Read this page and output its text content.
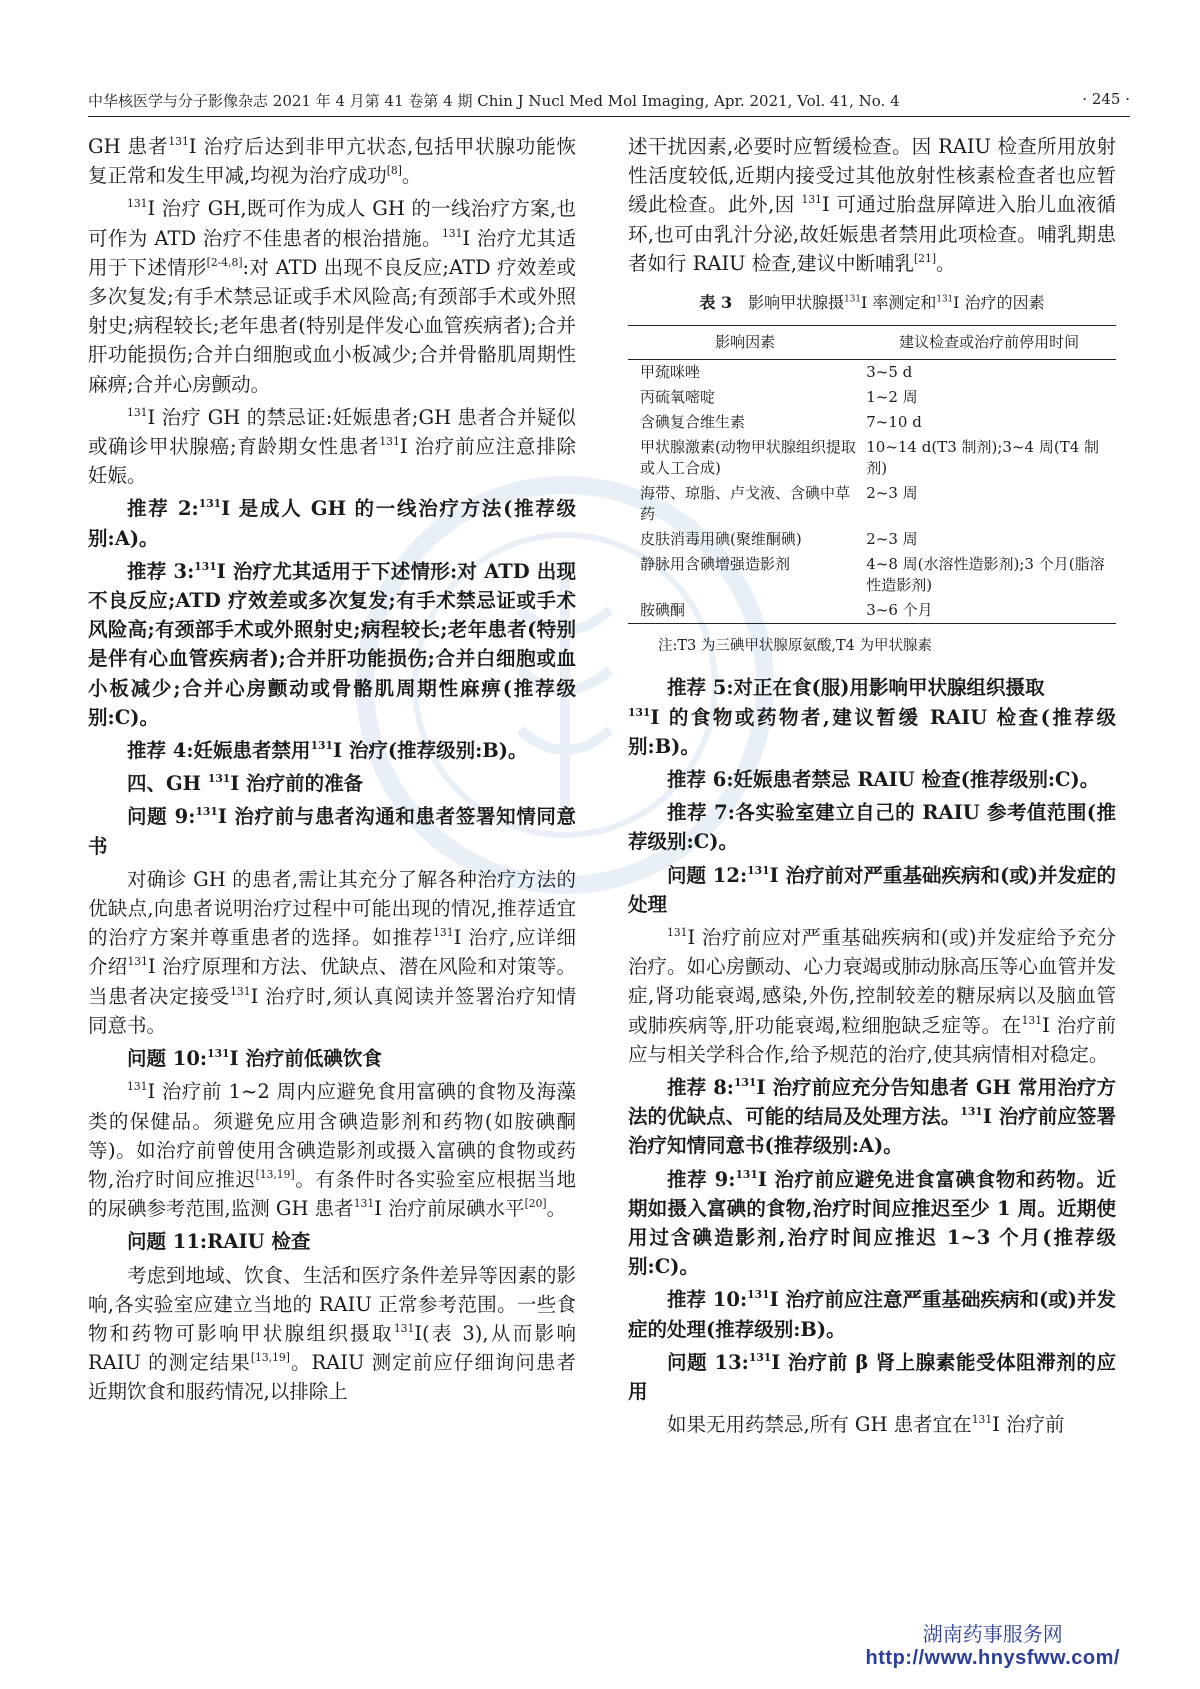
中华核医学与分子影像杂志 2021 年 4 月第 41 卷第 4 期 Chin J Nucl Med Mol Imaging, Apr. 2021, Vol. 41, No. 4	· 245 ·

GH 患者$^{131}$I 治疗后达到非甲亢状态,包括甲状腺功能恢复正常和发生甲减,均视为治疗成功[8]。

$^{131}$I 治疗 GH,既可作为成人 GH 的一线治疗方案,也可作为 ATD 治疗不佳患者的根治措施。$^{131}$I 治疗尤其适用于下述情形[2-4,8]:对 ATD 出现不良反应;ATD 疗效差或多次复发;有手术禁忌证或手术风险高;有颈部手术或外照射史;病程较长;老年患者(特别是伴发心血管疾病者);合并肝功能损伤;合并白细胞或血小板减少;合并骨骼肌周期性麻痹;合并心房颤动。

$^{131}$I 治疗 GH 的禁忌证:妊娠患者;GH 患者合并疑似或确诊甲状腺癌;育龄期女性患者$^{131}$I 治疗前应注意排除妊娠。

推荐 2:$^{131}$I 是成人 GH 的一线治疗方法(推荐级别:A)。

推荐 3:$^{131}$I 治疗尤其适用于下述情形:对 ATD 出现不良反应;ATD 疗效差或多次复发;有手术禁忌证或手术风险高;有颈部手术或外照射史;病程较长;老年患者(特别是伴有心血管疾病者);合并肝功能损伤;合并白细胞或血小板减少;合并心房颤动或骨骼肌周期性麻痹(推荐级别:C)。

推荐 4:妊娠患者禁用$^{131}$I 治疗(推荐级别:B)。

四、GH $^{131}$I 治疗前的准备

问题 9:$^{131}$I 治疗前与患者沟通和患者签署知情同意书

对确诊 GH 的患者,需让其充分了解各种治疗方法的优缺点,向患者说明治疗过程中可能出现的情况,推荐适宜的治疗方案并尊重患者的选择。如推荐$^{131}$I 治疗,应详细介绍$^{131}$I 治疗原理和方法、优缺点、潜在风险和对策等。当患者决定接受$^{131}$I 治疗时,须认真阅读并签署治疗知情同意书。

问题 10:$^{131}$I 治疗前低碘饮食

$^{131}$I 治疗前 1~2 周内应避免食用富碘的食物及海藻类的保健品。须避免应用含碘造影剂和药物(如胺碘酮等)。如治疗前曾使用含碘造影剂或摄入富碘的食物或药物,治疗时间应推迟[13,19]。有条件时各实验室应根据当地的尿碘参考范围,监测 GH 患者$^{131}$I 治疗前尿碘水平[20]。

问题 11:RAIU 检查

考虑到地域、饮食、生活和医疗条件差异等因素的影响,各实验室应建立当地的 RAIU 正常参考范围。一些食物和药物可影响甲状腺组织摄取$^{131}$I(表 3),从而影响 RAIU 的测定结果[13,19]。RAIU 测定前应仔细询问患者近期饮食和服药情况,以排除上

述干扰因素,必要时应暂缓检查。因 RAIU 检查所用放射性活度较低,近期内接受过其他放射性核素检查者也应暂缓此检查。此外,因 $^{131}$I 可通过胎盘屏障进入胎儿血液循环,也可由乳汁分泌,故妊娠患者禁用此项检查。哺乳期患者如行 RAIU 检查,建议中断哺乳[21]。

表 3 影响甲状腺摄$^{131}$I 率测定和$^{131}$I 治疗的因素
影响因素	建议检查或治疗前停用时间
甲巯咪唑	3~5 d
丙硫氧嘧啶	1~2 周
含碘复合维生素	7~10 d
甲状腺激素(动物甲状腺组织提取或人工合成)	10~14 d(T3 制剂);3~4 周(T4 制剂)
海带、琼脂、卢戈液、含碘中草药	2~3 周
皮肤消毒用碘(聚维酮碘)	2~3 周
静脉用含碘增强造影剂	4~8 周(水溶性造影剂);3 个月(脂溶性造影剂)
胺碘酮	3~6 个月
注:T3 为三碘甲状腺原氨酸,T4 为甲状腺素

推荐 5:对正在食(服)用影响甲状腺组织摄取
$^{131}$I 的食物或药物者,建议暂缓 RAIU 检查(推荐级别:B)。

推荐 6:妊娠患者禁忌 RAIU 检查(推荐级别:C)。

推荐 7:各实验室建立自己的 RAIU 参考值范围(推荐级别:C)。

问题 12:$^{131}$I 治疗前对严重基础疾病和(或)并发症的处理

$^{131}$I 治疗前应对严重基础疾病和(或)并发症给予充分治疗。如心房颤动、心力衰竭或肺动脉高压等心血管并发症,肾功能衰竭,感染,外伤,控制较差的糖尿病以及脑血管或肺疾病等,肝功能衰竭,粒细胞缺乏症等。在$^{131}$I 治疗前应与相关学科合作,给予规范的治疗,使其病情相对稳定。

推荐 8:$^{131}$I 治疗前应充分告知患者 GH 常用治疗方法的优缺点、可能的结局及处理方法。$^{131}$I 治疗前应签署治疗知情同意书(推荐级别:A)。

推荐 9:$^{131}$I 治疗前应避免进食富碘食物和药物。近期如摄入富碘的食物,治疗时间应推迟至少 1 周。近期使用过含碘造影剂,治疗时间应推迟 1~3 个月(推荐级别:C)。

推荐 10:$^{131}$I 治疗前应注意严重基础疾病和(或)并发症的处理(推荐级别:B)。

问题 13:$^{131}$I 治疗前 β 肾上腺素能受体阻滞剂的应用

如果无用药禁忌,所有 GH 患者宜在$^{131}$I 治疗前

湖南药事服务网
http://www.hnysfww.com/
